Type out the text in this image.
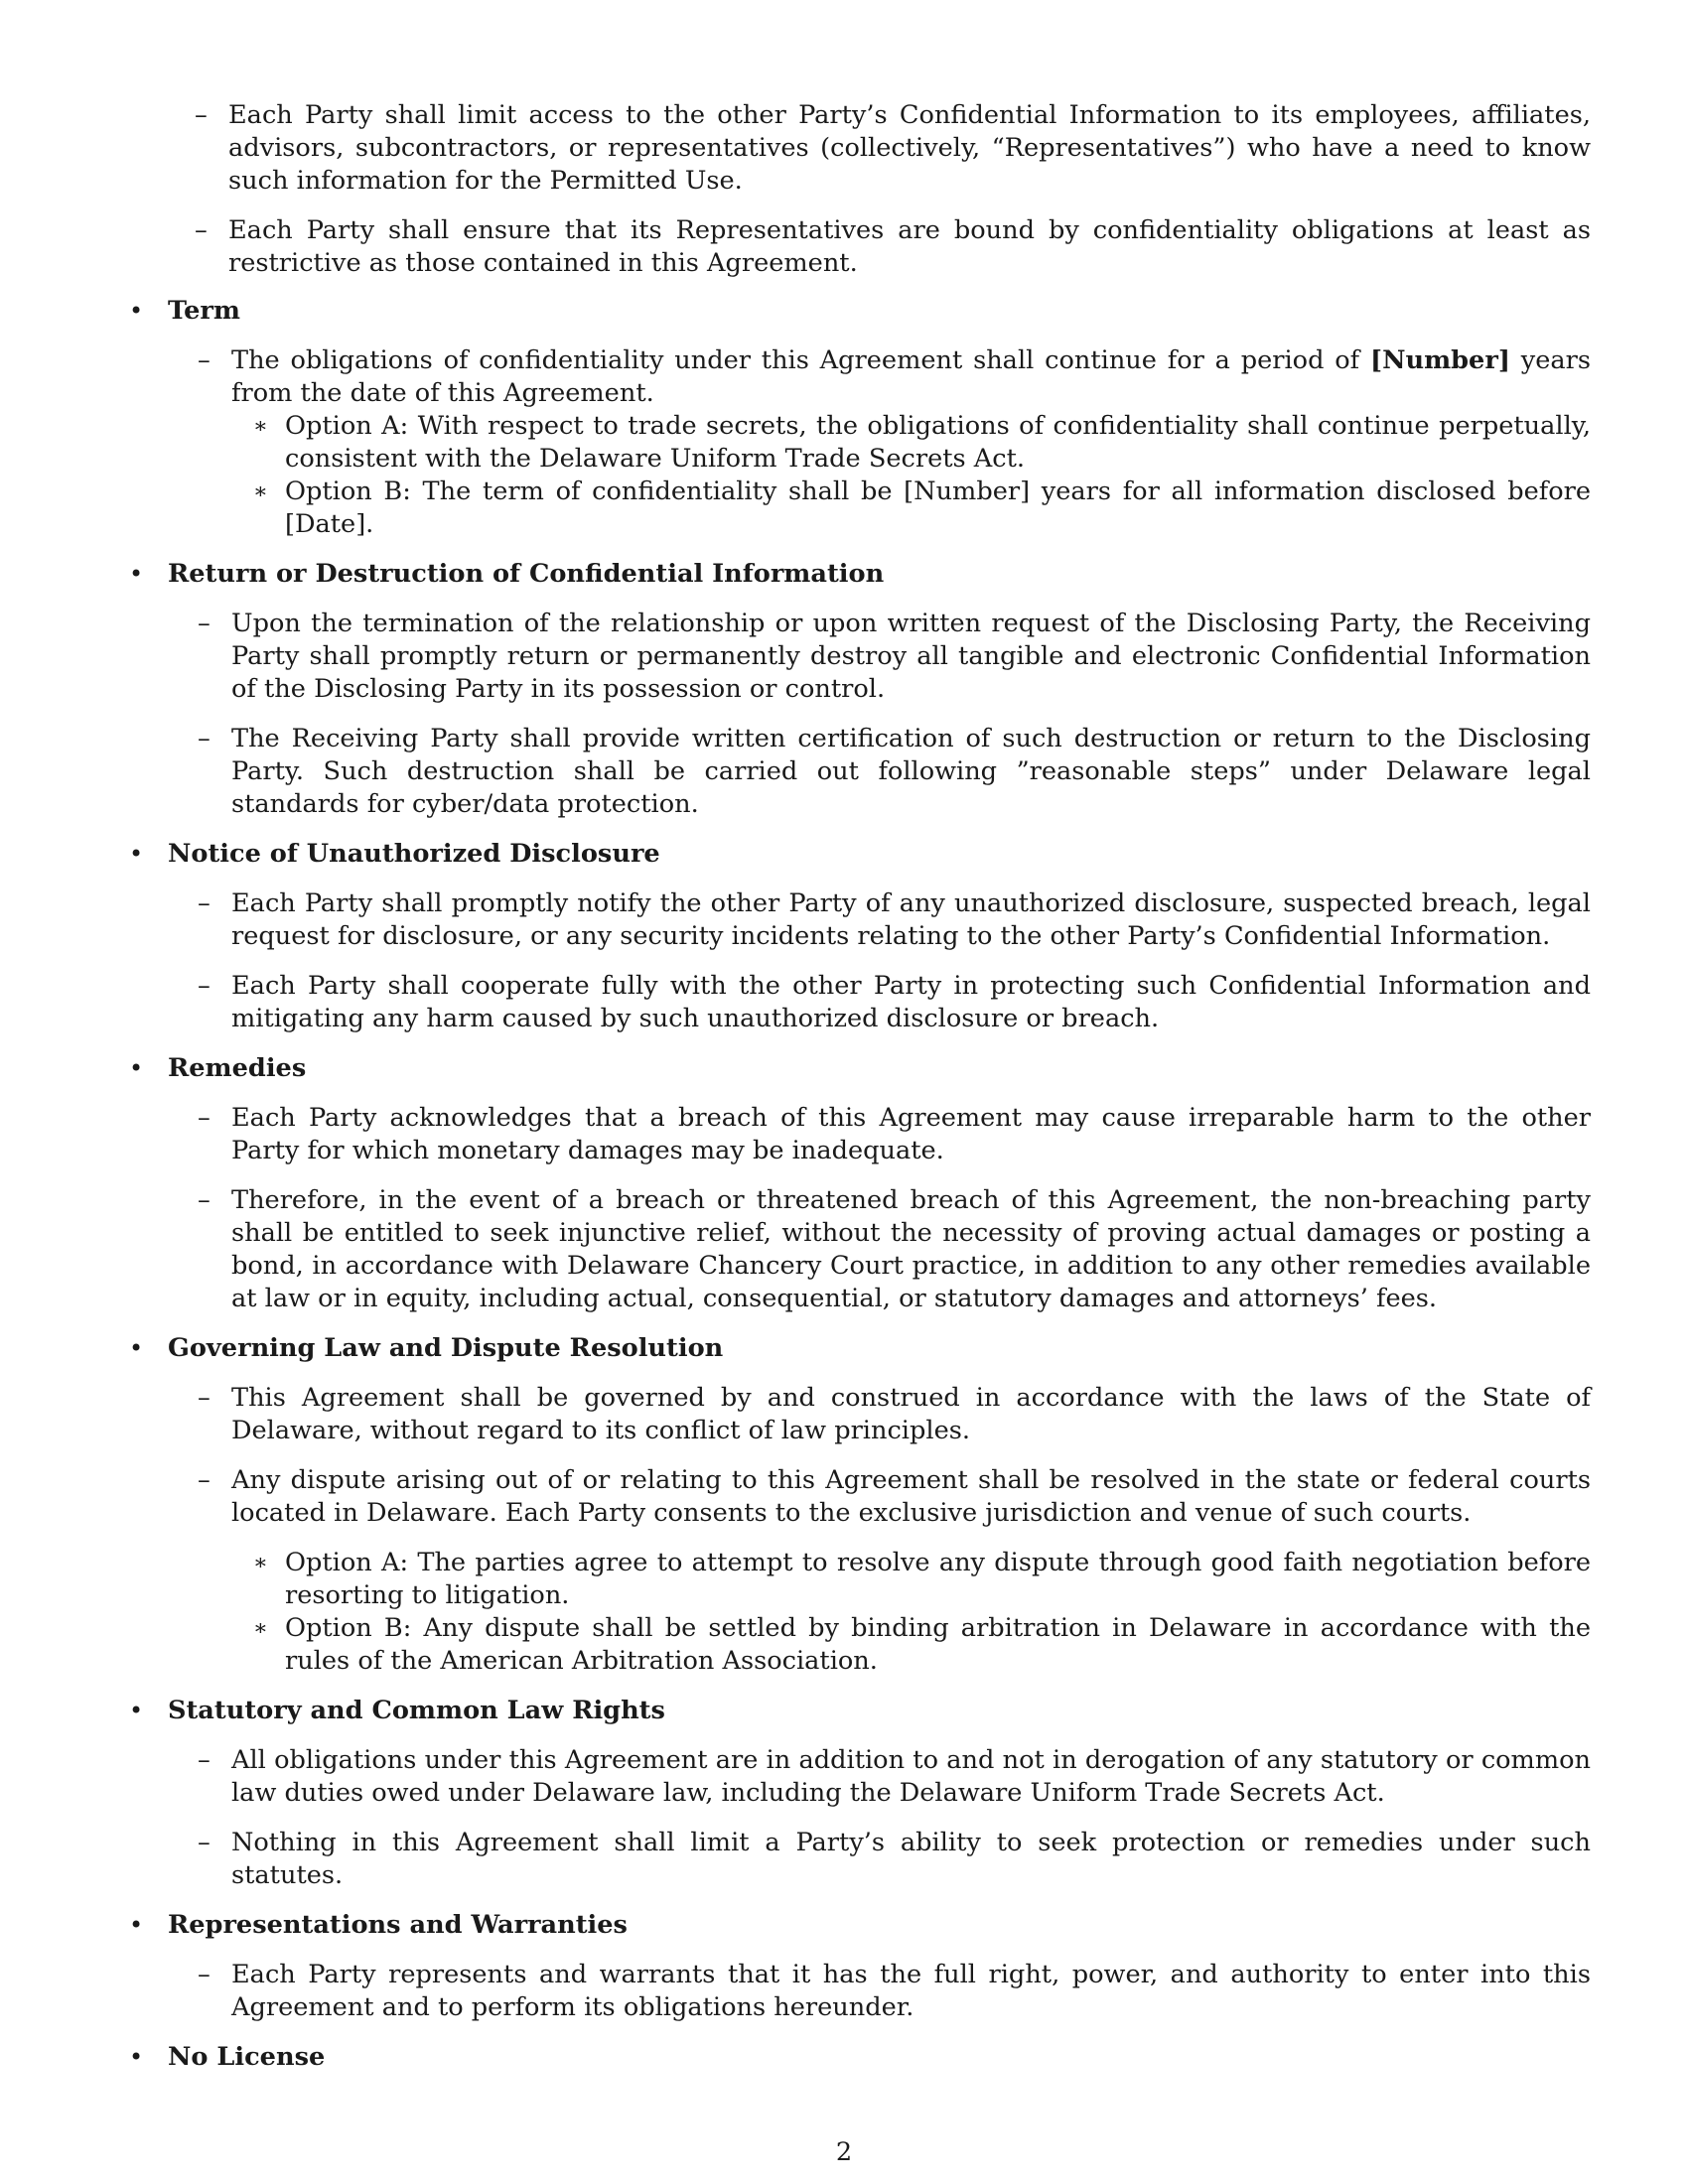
– Each Party shall limit access to the other Party’s Confidential Information to its employees, affiliates, advisors, subcontractors, or representatives (collectively, “Representatives”) who have a need to know such information for the Permitted Use.
– Each Party shall ensure that its Representatives are bound by confidentiality obligations at least as restrictive as those contained in this Agreement.
• Term
– The obligations of confidentiality under this Agreement shall continue for a period of [Number] years from the date of this Agreement.
∗ Option A: With respect to trade secrets, the obligations of confidentiality shall continue perpetually, consistent with the Delaware Uniform Trade Secrets Act.
∗ Option B: The term of confidentiality shall be [Number] years for all information disclosed before [Date].
• Return or Destruction of Confidential Information
– Upon the termination of the relationship or upon written request of the Disclosing Party, the Receiving Party shall promptly return or permanently destroy all tangible and electronic Confidential Information of the Disclosing Party in its possession or control.
– The Receiving Party shall provide written certification of such destruction or return to the Disclosing Party. Such destruction shall be carried out following ”reasonable steps” under Delaware legal standards for cyber/data protection.
• Notice of Unauthorized Disclosure
– Each Party shall promptly notify the other Party of any unauthorized disclosure, suspected breach, legal request for disclosure, or any security incidents relating to the other Party’s Confidential Information.
– Each Party shall cooperate fully with the other Party in protecting such Confidential Information and mitigating any harm caused by such unauthorized disclosure or breach.
• Remedies
– Each Party acknowledges that a breach of this Agreement may cause irreparable harm to the other Party for which monetary damages may be inadequate.
– Therefore, in the event of a breach or threatened breach of this Agreement, the non-breaching party shall be entitled to seek injunctive relief, without the necessity of proving actual damages or posting a bond, in accordance with Delaware Chancery Court practice, in addition to any other remedies available at law or in equity, including actual, consequential, or statutory damages and attorneys’ fees.
• Governing Law and Dispute Resolution
– This Agreement shall be governed by and construed in accordance with the laws of the State of Delaware, without regard to its conflict of law principles.
– Any dispute arising out of or relating to this Agreement shall be resolved in the state or federal courts located in Delaware. Each Party consents to the exclusive jurisdiction and venue of such courts.
∗ Option A: The parties agree to attempt to resolve any dispute through good faith negotiation before resorting to litigation.
∗ Option B: Any dispute shall be settled by binding arbitration in Delaware in accordance with the rules of the American Arbitration Association.
• Statutory and Common Law Rights
– All obligations under this Agreement are in addition to and not in derogation of any statutory or common law duties owed under Delaware law, including the Delaware Uniform Trade Secrets Act.
– Nothing in this Agreement shall limit a Party’s ability to seek protection or remedies under such statutes.
• Representations and Warranties
– Each Party represents and warrants that it has the full right, power, and authority to enter into this Agreement and to perform its obligations hereunder.
• No License
2
